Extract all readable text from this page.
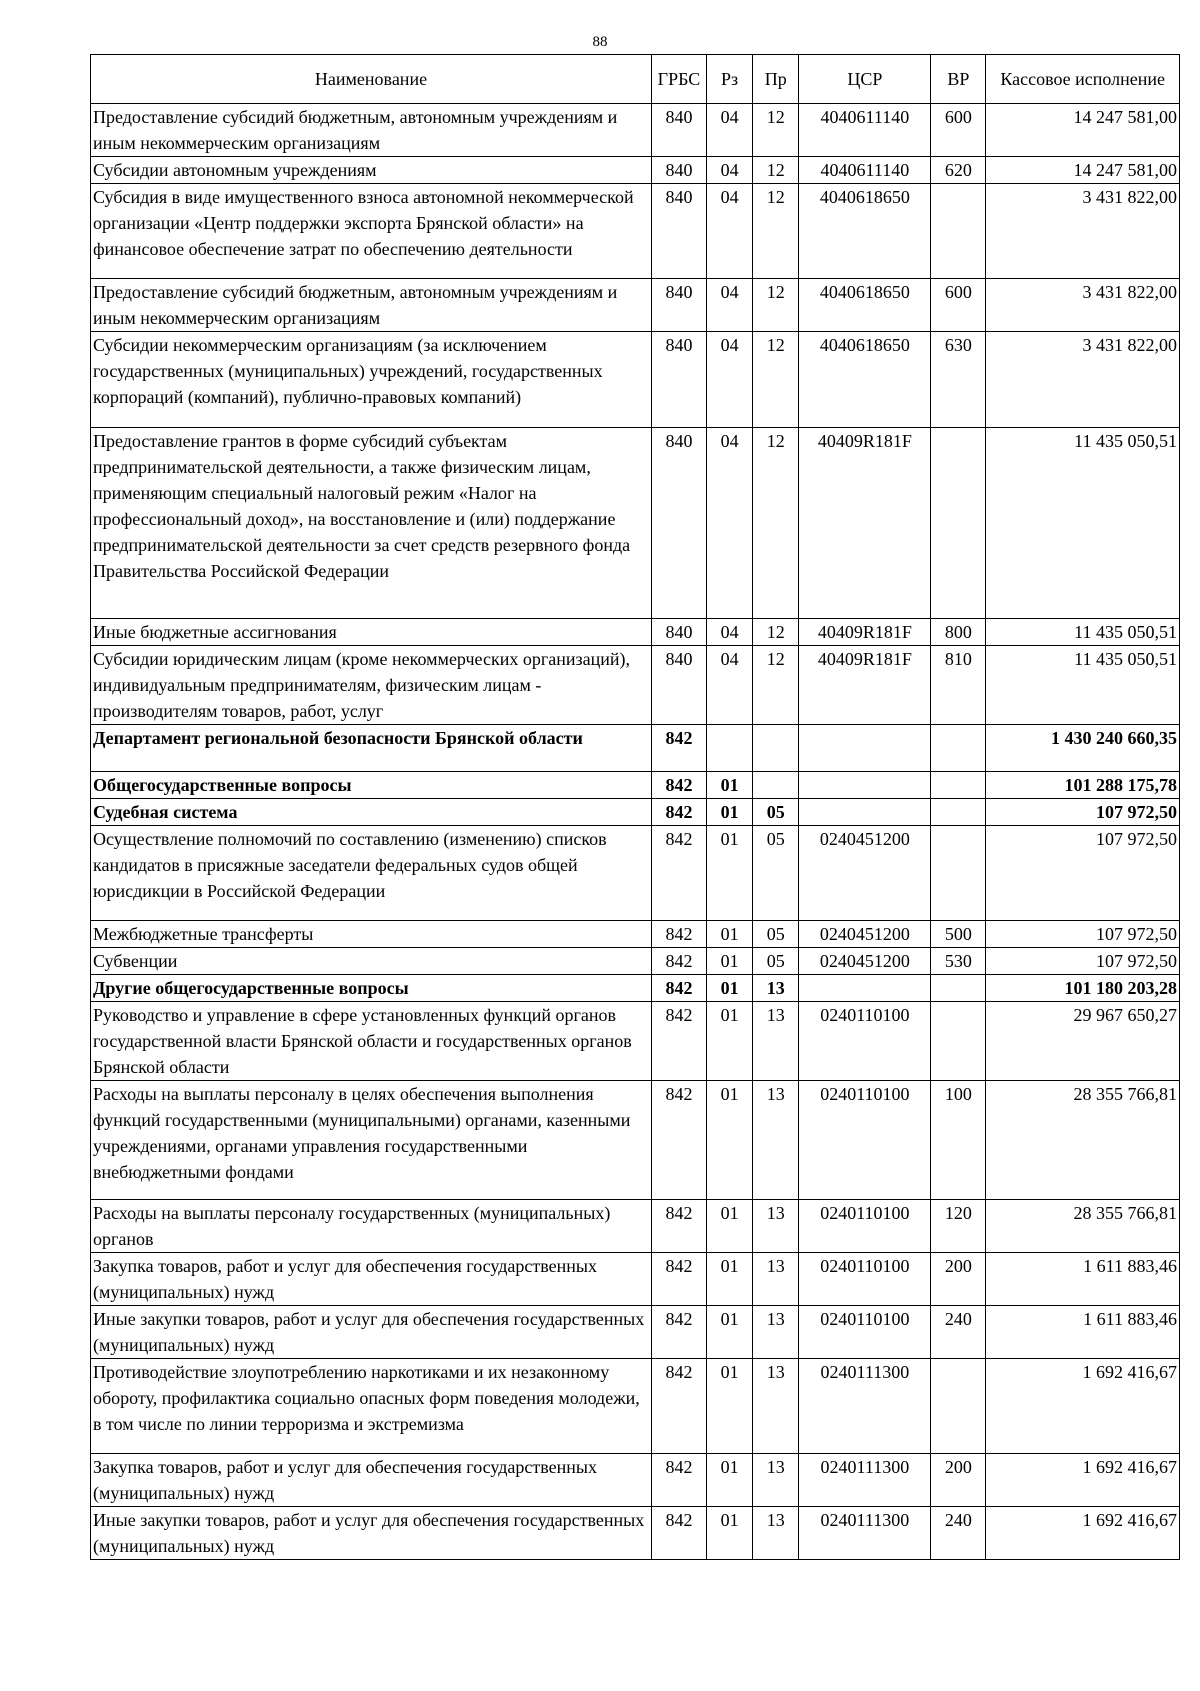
88
Наименование	ГРБС	Рз	Пр	ЦСР	ВР	Кассовое исполнение
Предоставление субсидий бюджетным, автономным учреждениям и иным некоммерческим организациям	840	04	12	4040611140	600	14 247 581,00
Субсидии автономным учреждениям	840	04	12	4040611140	620	14 247 581,00
Субсидия в виде имущественного взноса автономной некоммерческой организации «Центр поддержки экспорта Брянской области» на финансовое обеспечение затрат по обеспечению деятельности	840	04	12	4040618650		3 431 822,00
Предоставление субсидий бюджетным, автономным учреждениям и иным некоммерческим организациям	840	04	12	4040618650	600	3 431 822,00
Субсидии некоммерческим организациям (за исключением государственных (муниципальных) учреждений, государственных корпораций (компаний), публично-правовых компаний)	840	04	12	4040618650	630	3 431 822,00
Предоставление грантов в форме субсидий субъектам предпринимательской деятельности, а также физическим лицам, применяющим специальный налоговый режим «Налог на профессиональный доход», на восстановление и (или) поддержание предпринимательской деятельности за счет средств резервного фонда Правительства Российской Федерации	840	04	12	40409R181F		11 435 050,51
Иные бюджетные ассигнования	840	04	12	40409R181F	800	11 435 050,51
Субсидии юридическим лицам (кроме некоммерческих организаций), индивидуальным предпринимателям, физическим лицам - производителям товаров, работ, услуг	840	04	12	40409R181F	810	11 435 050,51
Департамент региональной безопасности Брянской области	842					1 430 240 660,35
Общегосударственные вопросы	842	01				101 288 175,78
Судебная система	842	01	05			107 972,50
Осуществление полномочий по составлению (изменению) списков кандидатов в присяжные заседатели федеральных судов общей юрисдикции в Российской Федерации	842	01	05	0240451200		107 972,50
Межбюджетные трансферты	842	01	05	0240451200	500	107 972,50
Субвенции	842	01	05	0240451200	530	107 972,50
Другие общегосударственные вопросы	842	01	13			101 180 203,28
Руководство и управление в сфере установленных функций органов государственной власти Брянской области и государственных органов Брянской области	842	01	13	0240110100		29 967 650,27
Расходы на выплаты персоналу в целях обеспечения выполнения функций государственными (муниципальными) органами, казенными учреждениями, органами управления государственными внебюджетными фондами	842	01	13	0240110100	100	28 355 766,81
Расходы на выплаты персоналу государственных (муниципальных) органов	842	01	13	0240110100	120	28 355 766,81
Закупка товаров, работ и услуг для обеспечения государственных (муниципальных) нужд	842	01	13	0240110100	200	1 611 883,46
Иные закупки товаров, работ и услуг для обеспечения государственных (муниципальных) нужд	842	01	13	0240110100	240	1 611 883,46
Противодействие злоупотреблению наркотиками и их незаконному обороту, профилактика социально опасных форм поведения молодежи, в том числе по линии терроризма и экстремизма	842	01	13	0240111300		1 692 416,67
Закупка товаров, работ и услуг для обеспечения государственных (муниципальных) нужд	842	01	13	0240111300	200	1 692 416,67
Иные закупки товаров, работ и услуг для обеспечения государственных (муниципальных) нужд	842	01	13	0240111300	240	1 692 416,67
